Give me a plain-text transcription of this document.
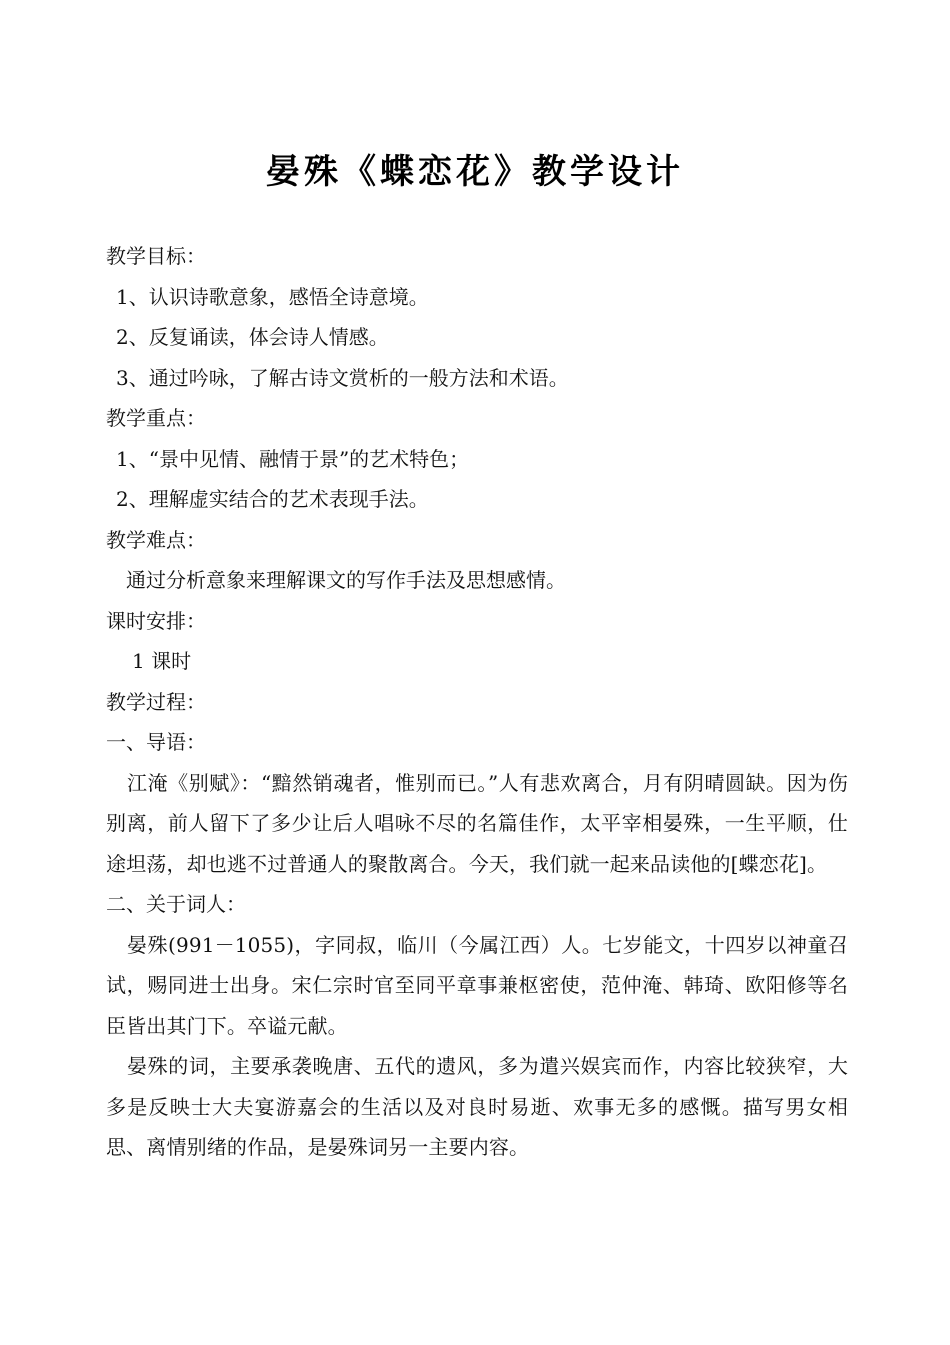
晏殊《蝶恋花》教学设计
教学目标：
1、认识诗歌意象，感悟全诗意境。
2、反复诵读，体会诗人情感。
3、通过吟咏，了解古诗文赏析的一般方法和术语。
教学重点：
1、“景中见情、融情于景”的艺术特色；
2、理解虚实结合的艺术表现手法。
教学难点：
通过分析意象来理解课文的写作手法及思想感情。
课时安排：
1 课时
教学过程：
一、导语：
江淹《别赋》：“黯然销魂者，惟别而已。”人有悲欢离合，月有阴晴圆缺。因为伤别离，前人留下了多少让后人唱咏不尽的名篇佳作，太平宰相晏殊，一生平顺，仕途坦荡，却也逃不过普通人的聚散离合。今天，我们就一起来品读他的[蝶恋花]。
二、关于词人：
晏殊(991－1055)，字同叔，临川（今属江西）人。七岁能文，十四岁以神童召试，赐同进士出身。宋仁宗时官至同平章事兼枢密使，范仲淹、韩琦、欧阳修等名臣皆出其门下。卒谥元献。
晏殊的词，主要承袭晚唐、五代的遗风，多为遣兴娱宾而作，内容比较狭窄，大多是反映士大夫宴游嘉会的生活以及对良时易逝、欢事无多的感慨。描写男女相思、离情别绪的作品，是晏殊词另一主要内容。
